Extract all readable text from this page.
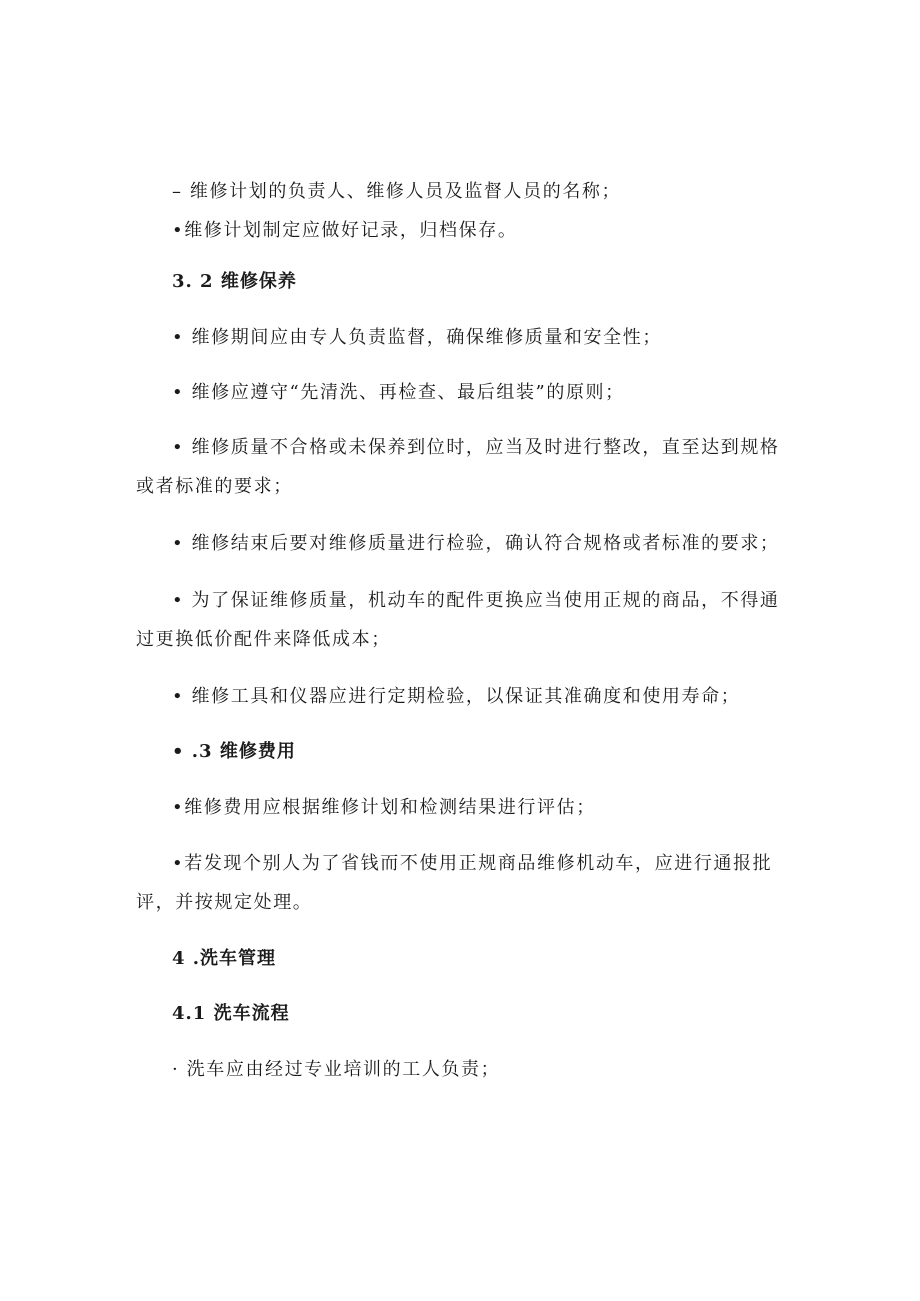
– 维修计划的负责人、维修人员及监督人员的名称；
•维修计划制定应做好记录，归档保存。
3. 2 维修保养
• 维修期间应由专人负责监督，确保维修质量和安全性；
• 维修应遵守“先清洗、再检查、最后组装”的原则；
• 维修质量不合格或未保养到位时，应当及时进行整改，直至达到规格
或者标准的要求；
• 维修结束后要对维修质量进行检验，确认符合规格或者标准的要求；
• 为了保证维修质量，机动车的配件更换应当使用正规的商品，不得通
过更换低价配件来降低成本；
• 维修工具和仪器应进行定期检验，以保证其准确度和使用寿命；
• .3 维修费用
•维修费用应根据维修计划和检测结果进行评估；
•若发现个别人为了省钱而不使用正规商品维修机动车，应进行通报批
评，并按规定处理。
4 .洗车管理
4.1 洗车流程
· 洗车应由经过专业培训的工人负责；
